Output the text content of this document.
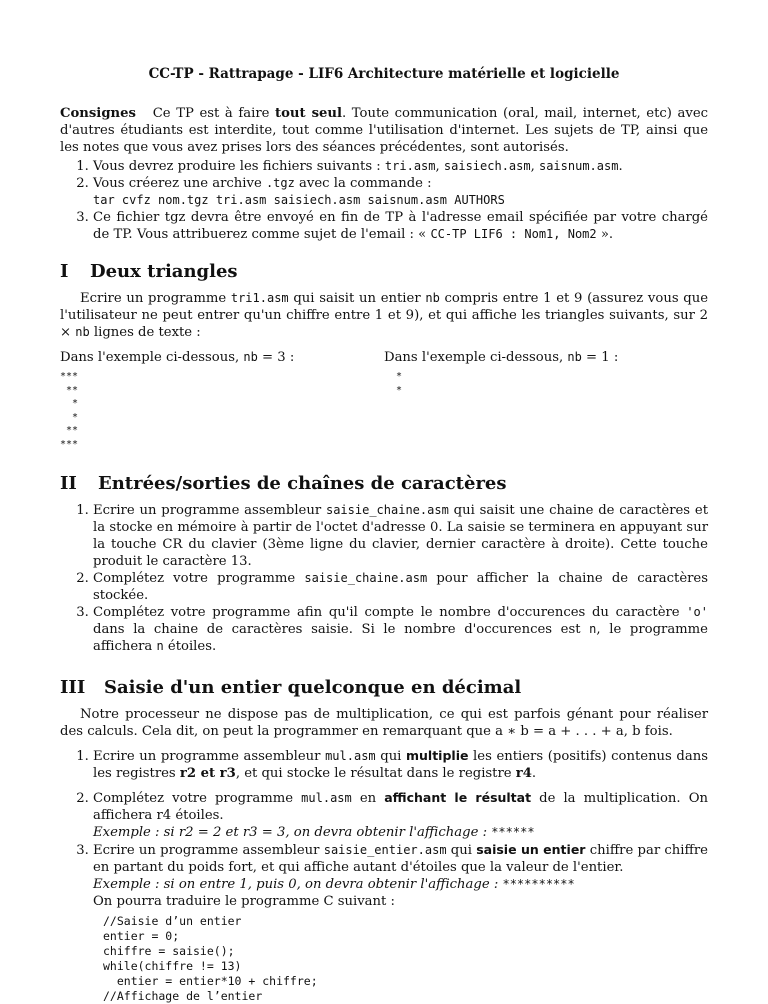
CC-TP - Rattrapage - LIF6 Architecture matérielle et logicielle

Consignes Ce TP est à faire tout seul. Toute communication (oral, mail, internet, etc) avec d'autres étudiants est interdite, tout comme l'utilisation d'internet. Les sujets de TP, ainsi que les notes que vous avez prises lors des séances précédentes, sont autorisés.

1. Vous devrez produire les fichiers suivants : tri.asm, saisiech.asm, saisnum.asm.
2. Vous créerez une archive .tgz avec la commande :
tar cvfz nom.tgz tri.asm saisiech.asm saisnum.asm AUTHORS
3. Ce fichier tgz devra être envoyé en fin de TP à l'adresse email spécifiée par votre chargé de TP. Vous attribuerez comme sujet de l'email : « CC-TP LIF6 : Nom1, Nom2 ».
I	Deux triangles

Ecrire un programme tri1.asm qui saisit un entier nb compris entre 1 et 9 (assurez vous que l'utilisateur ne peut entrer qu'un chiffre entre 1 et 9), et qui affiche les triangles suivants, sur 2 × nb lignes de texte :

Dans l'exemple ci-dessous, nb = 3 :
***
**
*
*
**
***
Dans l'exemple ci-dessous, nb = 1 :
*
*
II	Entrées/sorties de chaînes de caractères
1. Ecrire un programme assembleur saisie_chaine.asm qui saisit une chaine de caractères et la stocke en mémoire à partir de l'octet d'adresse 0. La saisie se terminera en appuyant sur la touche CR du clavier (3ème ligne du clavier, dernier caractère à droite). Cette touche produit le caractère 13.
2. Complétez votre programme saisie_chaine.asm pour afficher la chaine de caractères stockée.
3. Complétez votre programme afin qu'il compte le nombre d'occurences du caractère 'o' dans la chaine de caractères saisie. Si le nombre d'occurences est n, le programme affichera n étoiles.
III	Saisie d'un entier quelconque en décimal

Notre processeur ne dispose pas de multiplication, ce qui est parfois génant pour réaliser des calculs. Cela dit, on peut la programmer en remarquant que a ∗ b = a + . . . + a, b fois.

1. Ecrire un programme assembleur mul.asm qui multiplie les entiers (positifs) contenus dans les registres r2 et r3, et qui stocke le résultat dans le registre r4.
2. Complétez votre programme mul.asm en affichant le résultat de la multiplication. On affichera r4 étoiles.
Exemple : si r2 = 2 et r3 = 3, on devra obtenir l'affichage : ******
3. Ecrire un programme assembleur saisie_entier.asm qui saisie un entier chiffre par chiffre en partant du poids fort, et qui affiche autant d'étoiles que la valeur de l'entier.
Exemple : si on entre 1, puis 0, on devra obtenir l'affichage : **********
On pourra traduire le programme C suivant :
//Saisie d’un entier
entier = 0;
chiffre = saisie();
while(chiffre != 13)
entier = entier*10 + chiffre;
//Affichage de l’entier
